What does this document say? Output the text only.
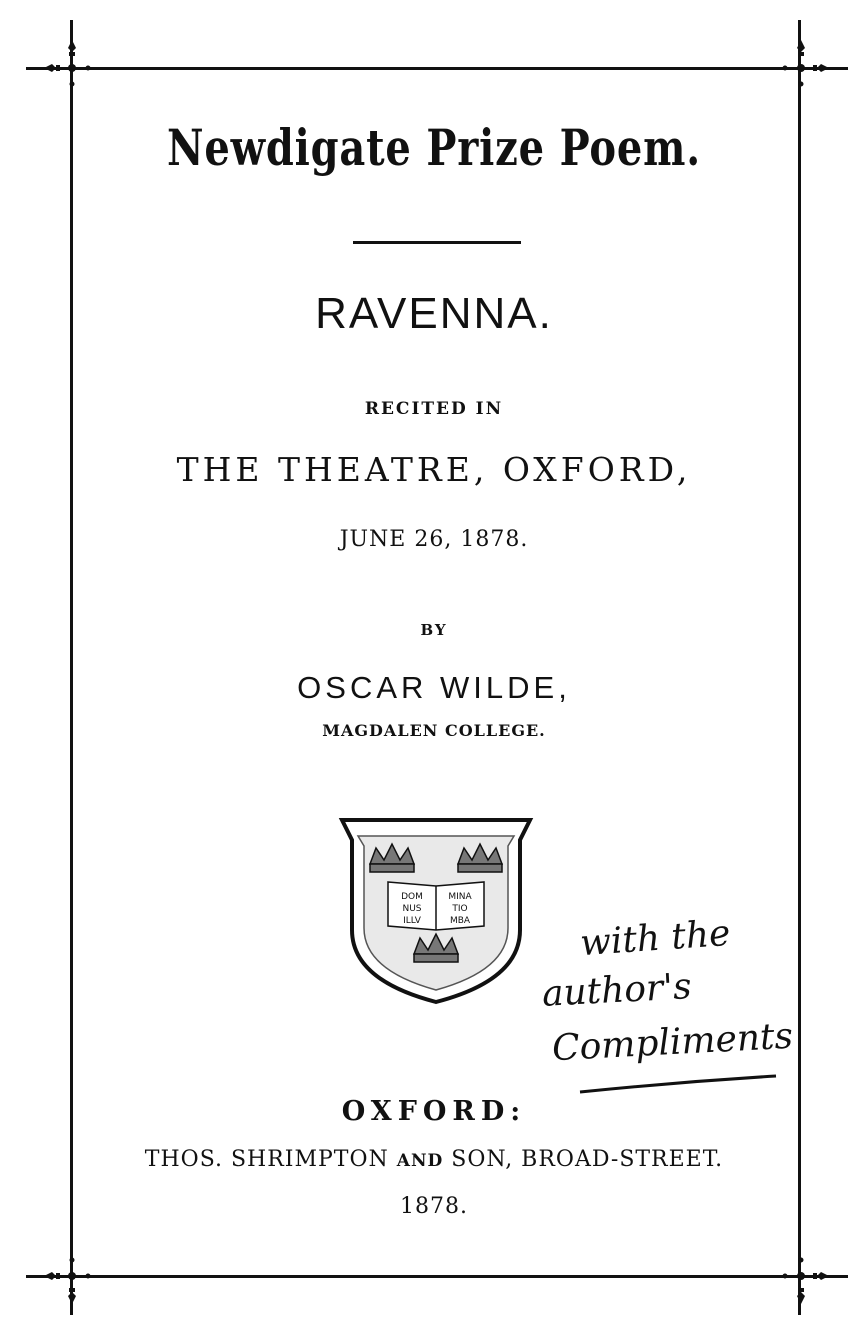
Newdigate Prize Poem.
RAVENNA.
RECITED IN
THE THEATRE, OXFORD,
JUNE 26, 1878.
BY
OSCAR WILDE,
MAGDALEN COLLEGE.
DOM
NUS
ILLV
MINA
TIO
MBA	with the
author's
Compliments
OXFORD:
THOS. SHRIMPTON AND SON, BROAD-STREET.
1878.
